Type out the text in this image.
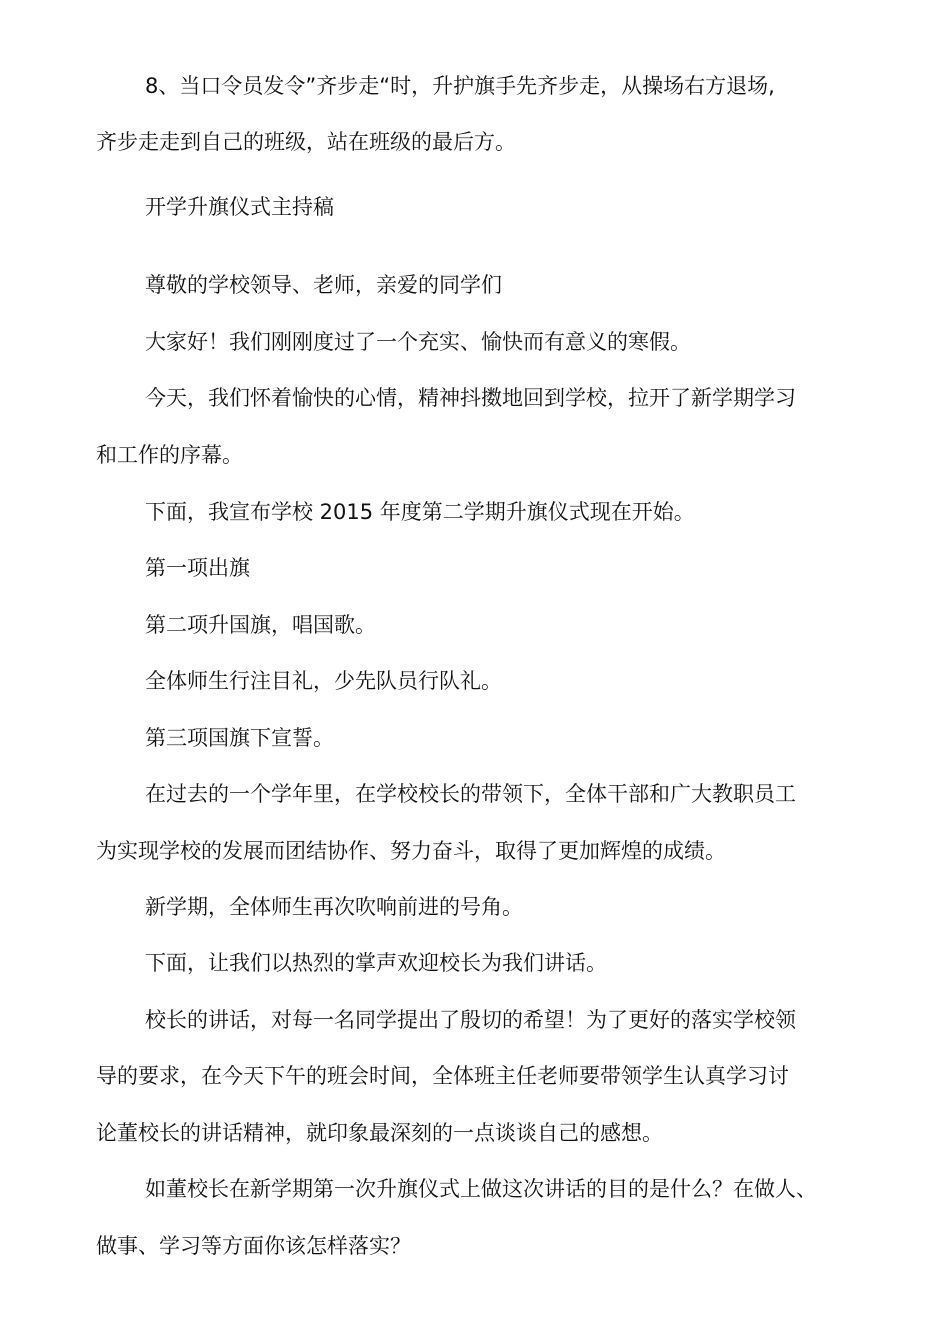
8、当口令员发令”齐步走“时，升护旗手先齐步走，从操场右方退场,
齐步走走到自己的班级，站在班级的最后方。
开学升旗仪式主持稿
尊敬的学校领导、老师，亲爱的同学们
大家好！我们刚刚度过了一个充实、愉快而有意义的寒假。
今天，我们怀着愉快的心情，精神抖擞地回到学校，拉开了新学期学习
和工作的序幕。
下面，我宣布学校 2015 年度第二学期升旗仪式现在开始。
第一项出旗
第二项升国旗，唱国歌。
全体师生行注目礼，少先队员行队礼。
第三项国旗下宣誓。
在过去的一个学年里，在学校校长的带领下，全体干部和广大教职员工
为实现学校的发展而团结协作、努力奋斗，取得了更加辉煌的成绩。
新学期，全体师生再次吹响前进的号角。
下面，让我们以热烈的掌声欢迎校长为我们讲话。
校长的讲话，对每一名同学提出了殷切的希望！为了更好的落实学校领
导的要求，在今天下午的班会时间，全体班主任老师要带领学生认真学习讨
论董校长的讲话精神，就印象最深刻的一点谈谈自己的感想。
如董校长在新学期第一次升旗仪式上做这次讲话的目的是什么？在做人、
做事、学习等方面你该怎样落实？
